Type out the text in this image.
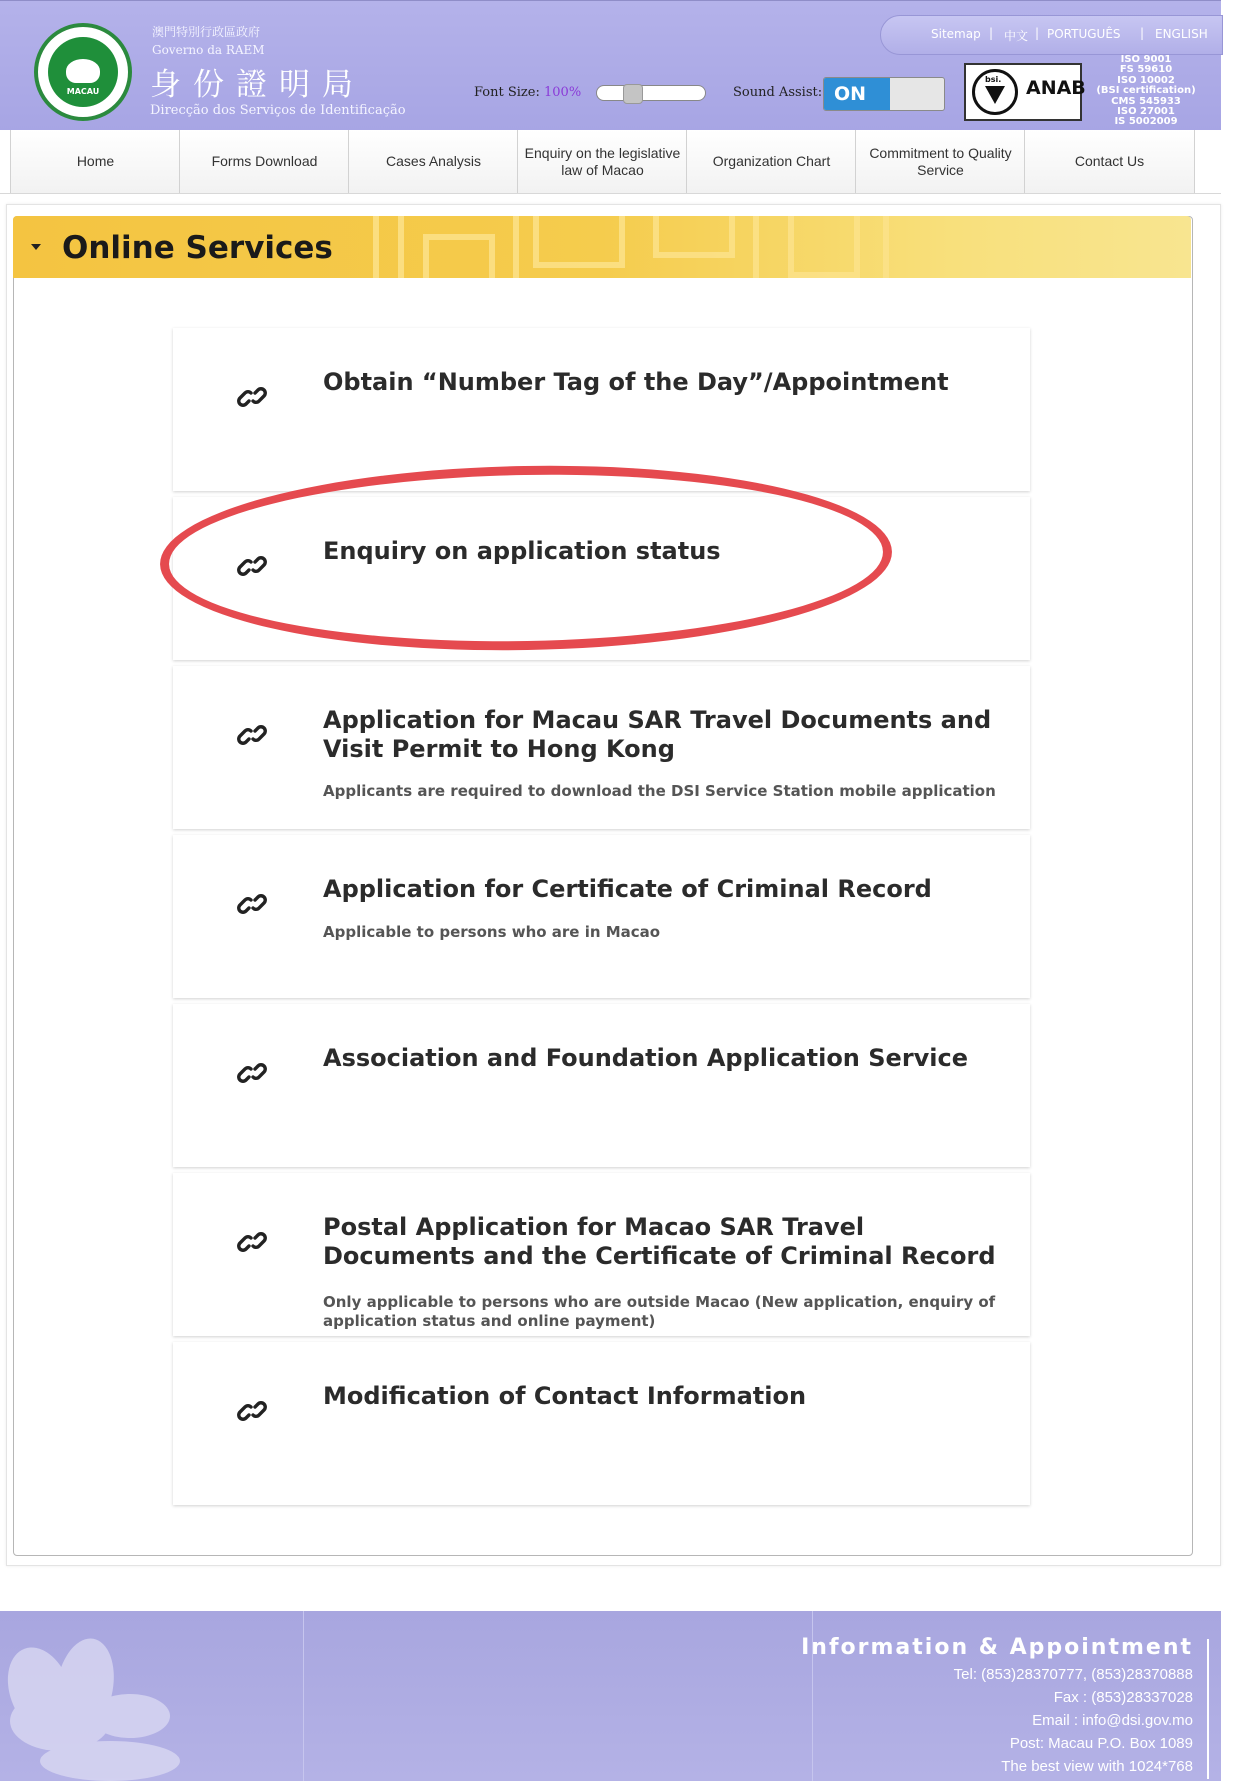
MACAU
澳門特別行政區政府
Governo da RAEM
身份證明局
Direcção dos Serviços de Identificação
Font Size: 100%	Sound Assist: ON
Sitemap | 中文 | PORTUGUÊS | ENGLISH
bsi. ANAB
ISO 9001
FS 59610
ISO 10002
(BSI certification)
CMS 545933
ISO 27001
IS 5002009
Home	Forms Download	Cases Analysis
Enquiry on the legislative law of Macao
Organization Chart
Commitment to Quality Service
Contact Us
Online Services
Obtain “Number Tag of the Day”/Appointment
Enquiry on application status
Application for Macau SAR Travel Documents and Visit Permit to Hong Kong
Applicants are required to download the DSI Service Station mobile application
Application for Certificate of Criminal Record
Applicable to persons who are in Macao
Association and Foundation Application Service
Postal Application for Macao SAR Travel Documents and the Certificate of Criminal Record
Only applicable to persons who are outside Macao (New application, enquiry of application status and online payment)
Modification of Contact Information
Information & Appointment
Tel: (853)28370777, (853)28370888
Fax : (853)28337028
Email : info@dsi.gov.mo
Post: Macau P.O. Box 1089
The best view with 1024*768
